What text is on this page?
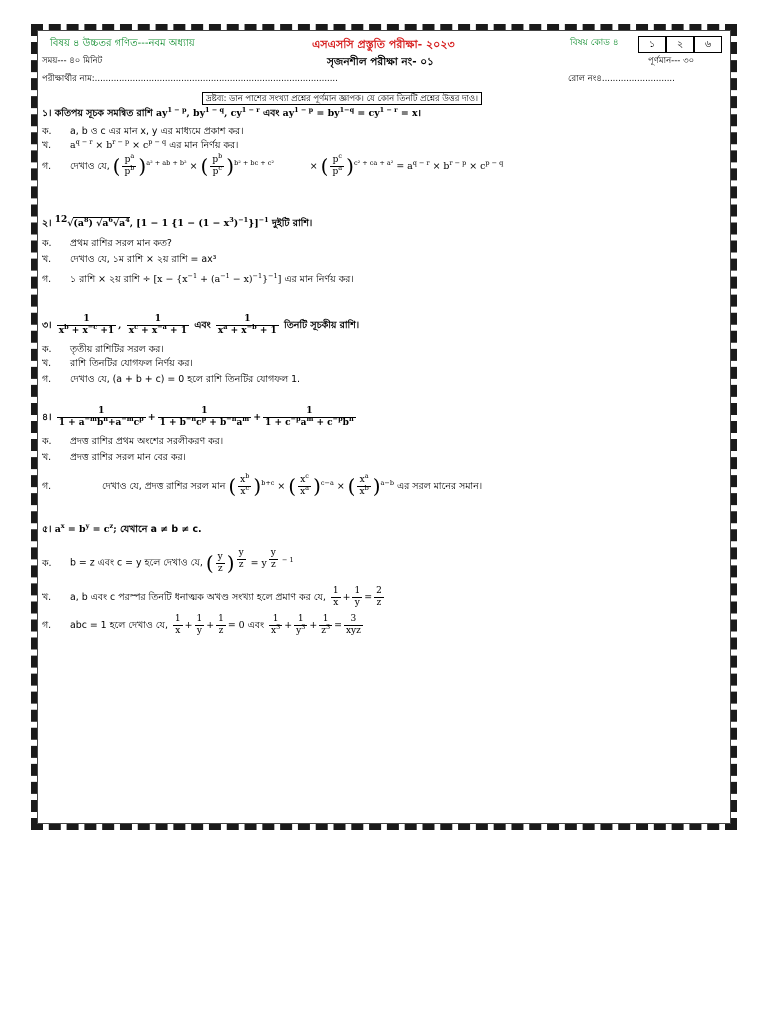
বিষয় ৪ উচ্চতর গণিত---নবম অধ্যায়	এসএসসি প্রস্তুতি পরীক্ষা- ২০২৩	বিষয় কোড ৪	১ ২ ৬
সময়--- ৪০ মিনিট	সৃজনশীল পরীক্ষা নং- ০১	পূর্ণমান--- ৩০
পরীক্ষার্থীর নাম:..........................................................................................	রোল নং৪...........................
দ্রষ্টব্য: ডান পাশের সংখ্যা প্রশ্নের পূর্ণমান জ্ঞাপক। যে কোন তিনটি প্রশ্নের উত্তর দাও।
১। কতিপয় সূচক সমন্বিত রাশি $ay^{1 - p}$, $by^{1 - q}$, $cy^{1 - r}$ এবং $ay^{1 - p} = by^{1-q} = cy^{1 - r}$ = x।
ক. a, b ও c এর মান x, y এর মাধ্যমে প্রকাশ কর।
খ. $a^{q - r} \times b^{r - p} \times c^{p - q}$ এর মান নির্ণয় কর।
গ. দেখাও যে, ( $\frac{p^a}{p^b} )^{a^2 + ab + b^2}$ × ( $\frac{p^b}{p^c} )^{b^2 + bc + c^2}$            × ( $\frac{p^c}{p^a} )^{c^2 + ca + a^2} = a^{q - r} \times b^{r - p} \times c^{p - q}$
২। $^{12}√(a^8)$ $√a^6√a^4$, [1 − 1 $\{1 - (1 - x^3)^{-1}\}]^{-1}$ দুইটি রাশি।
ক. প্রথম রাশির সরল মান কত?
খ. দেখাও যে, ১ম রাশি × ২য় রাশি = ax³
গ. ১ রাশি × ২য় রাশি ÷ $[x - \{x^{-1} + (a^{-1} - x)^{-1}\}^{-1}]$ এর মান নির্ণয় কর।
৩। $\frac{1}{x^b + x^{-c} +1}$ , $\frac{1}{x^c + x^{-a} + 1}$ এবং $\frac{1}{x^a + x^{-b} + 1}$ তিনটি সূচকীয় রাশি।
ক. তৃতীয় রাশিটির সরল কর।
খ. রাশি তিনটির যোগফল নির্ণয় কর।
গ. দেখাও যে, (a + b + c) = 0 হলে রাশি তিনটির যোগফল 1.
৪। $\frac{1}{1 + a^{-m}b^n+a^{-m}c^p} + \frac{1}{1 + b^{-n}c^p + b^{-n}a^m} + \frac{1}{1 + c^{-p}a^m + c^{-p}b^n}$
ক. প্রদত্ত রাশির প্রথম অংশের সরলীকরণ কর।
খ. প্রদত্ত রাশির সরল মান বের কর।
গ.	দেখাও যে, প্রদত্ত রাশির সরল মান ( $\frac{x^b}{x^c} )^{b+c}$ × ( $\frac{x^c}{x^a} )^{c-a}$ × ( $\frac{x^a}{x^b} )^{a-b}$ এর সরল মানের সমান।
৫। $a^x = b^y = c^z$; যেখানে a ≠ b ≠ c.
ক. b = z এবং c = y হলে দেখাও যে, ( $\frac{y}{z}$ ) $^{\frac{y}{z}}$ = y $^{\frac{y}{z} - 1}$
খ. a, b এবং c পরস্পর তিনটি ধনাত্মক অখণ্ড সংখ্যা হলে প্রমাণ কর যে, $\frac{1}{x} + \frac{1}{y} = \frac{2}{z}$
গ. abc = 1 হলে দেখাও যে, $\frac{1}{x} + \frac{1}{y} + \frac{1}{z} = 0$ এবং $\frac{1}{x^3} + \frac{1}{y^3} + \frac{1}{z^3} = \frac{3}{\text{xyz}}$
